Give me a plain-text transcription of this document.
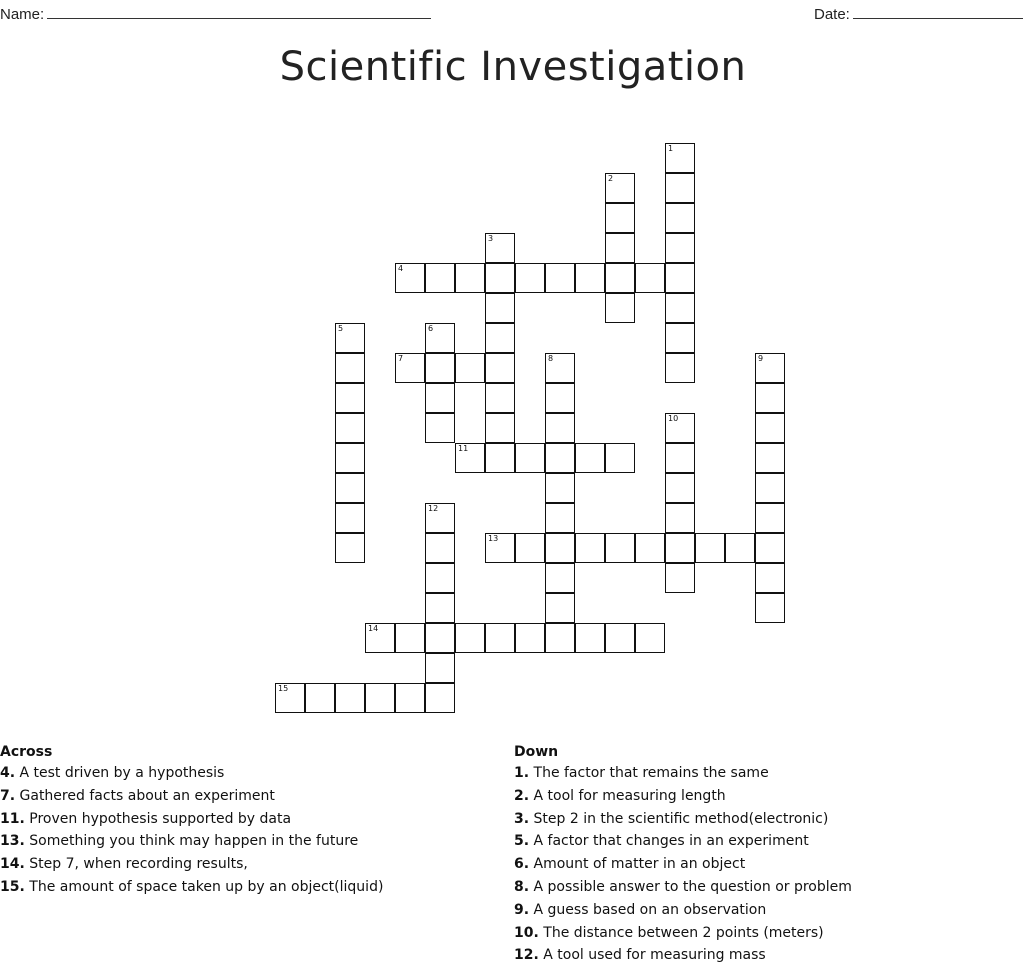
Name:	Date:
Scientific Investigation
1
2
3
4
5	6
7	8	9
10
11
12
13
14
15
Across
4. A test driven by a hypothesis
7. Gathered facts about an experiment
11. Proven hypothesis supported by data
13. Something you think may happen in the future
14. Step 7, when recording results,
15. The amount of space taken up by an object(liquid)
Down
1. The factor that remains the same
2. A tool for measuring length
3. Step 2 in the scientific method(electronic)
5. A factor that changes in an experiment
6. Amount of matter in an object
8. A possible answer to the question or problem
9. A guess based on an observation
10. The distance between 2 points (meters)
12. A tool used for measuring mass
